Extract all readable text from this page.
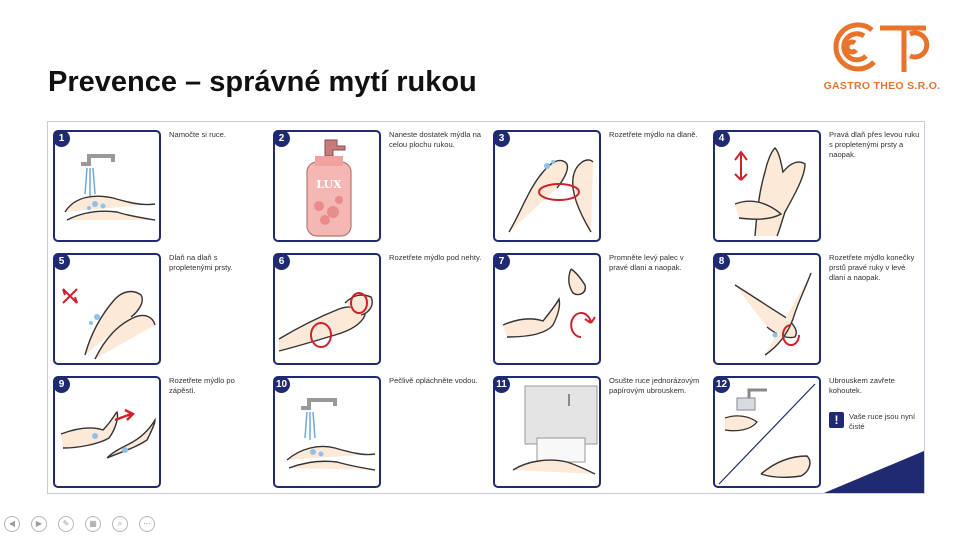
Prevence – správné mytí rukou	GASTRO THEO S.R.O.
1	Namočte si ruce.
LUX
2	Naneste dostatek mýdla na celou plochu rukou.
3	Rozetřete mýdlo na dlaně.	4	Pravá dlaň přes levou ruku s propletenými prsty a naopak.
5	Dlaň na dlaň s propletenými prsty.
6	Rozetřete mýdlo pod nehty.	7	Promněte levý palec v pravé dlani a naopak.
8	Rozetřete mýdlo konečky prstů pravé ruky v levé dlani a naopak.
9	Rozetřete mýdlo po zápěstí.
10	Pečlivě opláchněte vodou.	11	Osušte ruce jednorázovým papírovým ubrouskem.
12	Ubrouskem zavřete kohoutek.
!	Vaše ruce jsou nyní čisté
◀	▶	✎	▦	⌕	⋯
